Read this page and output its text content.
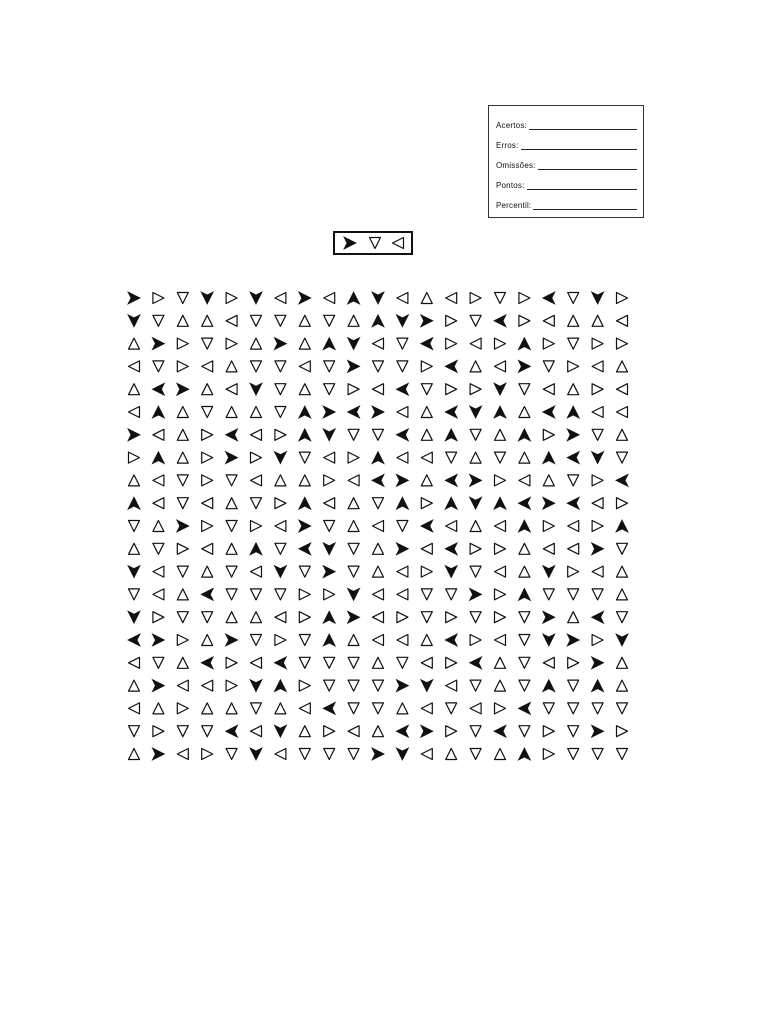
Acertos:
Erros:
Omissões:
Pontos:
Percentil:
